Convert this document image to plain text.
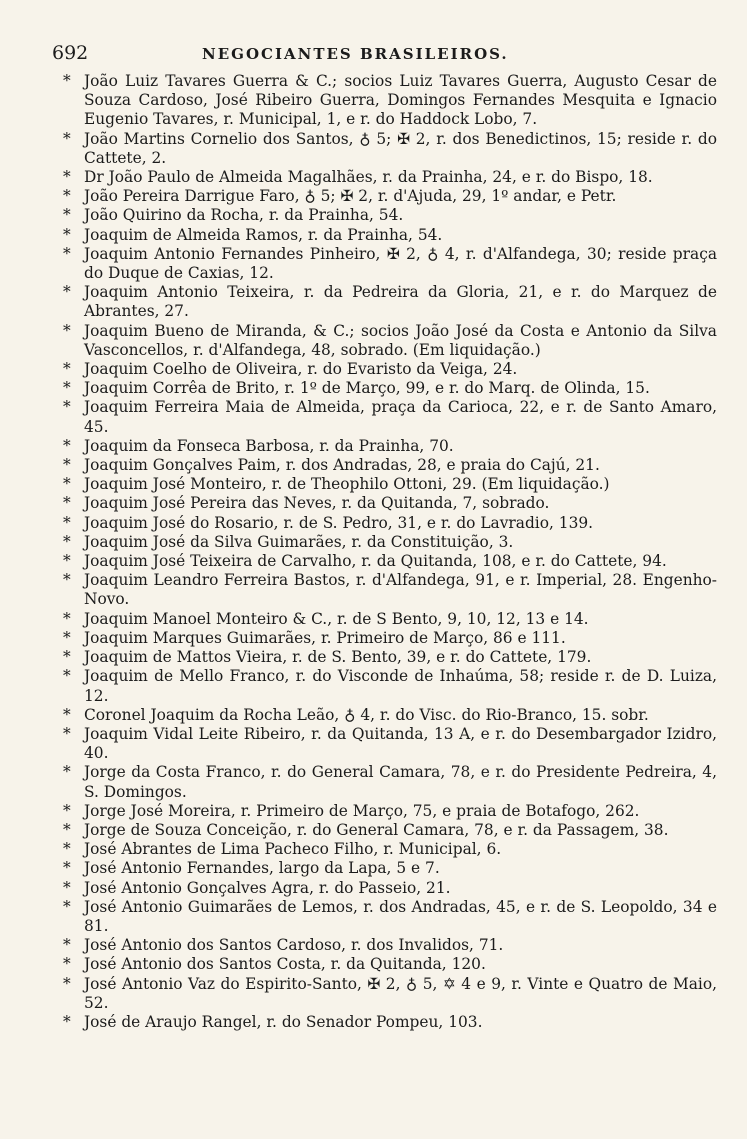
692	NEGOCIANTES BRASILEIROS.
* João Luiz Tavares Guerra & C.; socios Luiz Tavares Guerra, Augusto Cesar de Souza Cardoso, José Ribeiro Guerra, Domingos Fernandes Mesquita e Ignacio Eugenio Tavares, r. Municipal, 1, e r. do Haddock Lobo, 7.
* João Martins Cornelio dos Santos, ♁ 5; ✠ 2, r. dos Benedictinos, 15; reside r. do Cattete, 2.
* Dr João Paulo de Almeida Magalhães, r. da Prainha, 24, e r. do Bispo, 18.
* João Pereira Darrigue Faro, ♁ 5; ✠ 2, r. d'Ajuda, 29, 1º andar, e Petr.
* João Quirino da Rocha, r. da Prainha, 54.
* Joaquim de Almeida Ramos, r. da Prainha, 54.
* Joaquim Antonio Fernandes Pinheiro, ✠ 2, ♁ 4, r. d'Alfandega, 30; reside praça do Duque de Caxias, 12.
* Joaquim Antonio Teixeira, r. da Pedreira da Gloria, 21, e r. do Marquez de Abrantes, 27.
* Joaquim Bueno de Miranda, & C.; socios João José da Costa e Antonio da Silva Vasconcellos, r. d'Alfandega, 48, sobrado. (Em liquidação.)
* Joaquim Coelho de Oliveira, r. do Evaristo da Veiga, 24.
* Joaquim Corrêa de Brito, r. 1º de Março, 99, e r. do Marq. de Olinda, 15.
* Joaquim Ferreira Maia de Almeida, praça da Carioca, 22, e r. de Santo Amaro, 45.
* Joaquim da Fonseca Barbosa, r. da Prainha, 70.
* Joaquim Gonçalves Paim, r. dos Andradas, 28, e praia do Cajú, 21.
* Joaquim José Monteiro, r. de Theophilo Ottoni, 29. (Em liquidação.)
* Joaquim José Pereira das Neves, r. da Quitanda, 7, sobrado.
* Joaquim José do Rosario, r. de S. Pedro, 31, e r. do Lavradio, 139.
* Joaquim José da Silva Guimarães, r. da Constituição, 3.
* Joaquim José Teixeira de Carvalho, r. da Quitanda, 108, e r. do Cattete, 94.
* Joaquim Leandro Ferreira Bastos, r. d'Alfandega, 91, e r. Imperial, 28. Engenho-Novo.
* Joaquim Manoel Monteiro & C., r. de S Bento, 9, 10, 12, 13 e 14.
* Joaquim Marques Guimarães, r. Primeiro de Março, 86 e 111.
* Joaquim de Mattos Vieira, r. de S. Bento, 39, e r. do Cattete, 179.
* Joaquim de Mello Franco, r. do Visconde de Inhaúma, 58; reside r. de D. Luiza, 12.
* Coronel Joaquim da Rocha Leão, ♁ 4, r. do Visc. do Rio-Branco, 15. sobr.
* Joaquim Vidal Leite Ribeiro, r. da Quitanda, 13 A, e r. do Desembargador Izidro, 40.
* Jorge da Costa Franco, r. do General Camara, 78, e r. do Presidente Pedreira, 4, S. Domingos.
* Jorge José Moreira, r. Primeiro de Março, 75, e praia de Botafogo, 262.
* Jorge de Souza Conceição, r. do General Camara, 78, e r. da Passagem, 38.
* José Abrantes de Lima Pacheco Filho, r. Municipal, 6.
* José Antonio Fernandes, largo da Lapa, 5 e 7.
* José Antonio Gonçalves Agra, r. do Passeio, 21.
* José Antonio Guimarães de Lemos, r. dos Andradas, 45, e r. de S. Leopoldo, 34 e 81.
* José Antonio dos Santos Cardoso, r. dos Invalidos, 71.
* José Antonio dos Santos Costa, r. da Quitanda, 120.
* José Antonio Vaz do Espirito-Santo, ✠ 2, ♁ 5, ✡ 4 e 9, r. Vinte e Quatro de Maio, 52.
* José de Araujo Rangel, r. do Senador Pompeu, 103.
